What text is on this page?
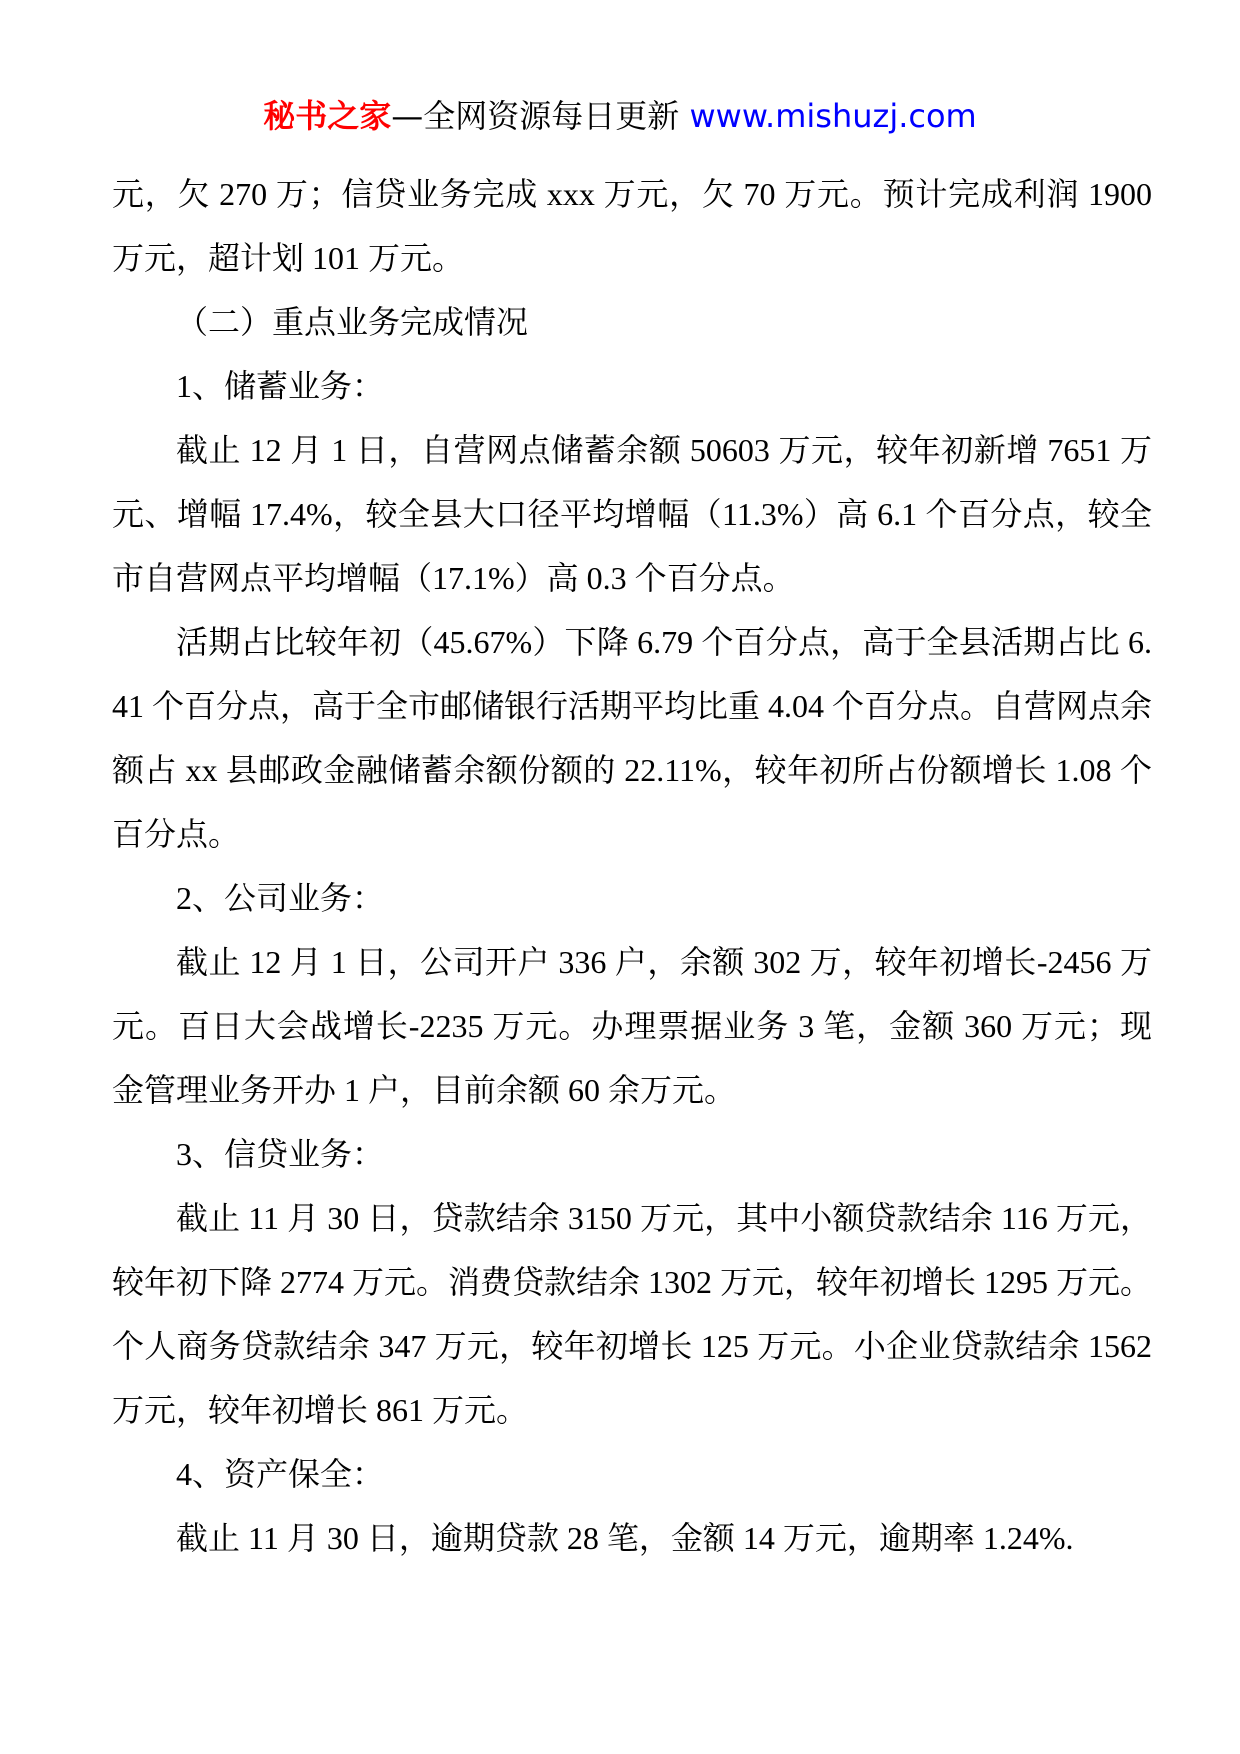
秘书之家—全网资源每日更新 www.mishuzj.com

元，欠 270 万；信贷业务完成 xxx 万元，欠 70 万元。预计完成利润 1900 万元，超计划 101 万元。

（二）重点业务完成情况

1、储蓄业务：

截止 12 月 1 日，自营网点储蓄余额 50603 万元，较年初新增 7651 万元、增幅 17.4%，较全县大口径平均增幅（11.3%）高 6.1 个百分点，较全市自营网点平均增幅（17.1%）高 0.3 个百分点。

活期占比较年初（45.67%）下降 6.79 个百分点，高于全县活期占比 6.41 个百分点，高于全市邮储银行活期平均比重 4.04 个百分点。自营网点余额占 xx 县邮政金融储蓄余额份额的 22.11%，较年初所占份额增长 1.08 个百分点。

2、公司业务：

截止 12 月 1 日，公司开户 336 户，余额 302 万，较年初增长-2456 万元。百日大会战增长-2235 万元。办理票据业务 3 笔，金额 360 万元；现金管理业务开办 1 户，目前余额 60 余万元。

3、信贷业务：

截止 11 月 30 日，贷款结余 3150 万元，其中小额贷款结余 116 万元，较年初下降 2774 万元。消费贷款结余 1302 万元，较年初增长 1295 万元。个人商务贷款结余 347 万元，较年初增长 125 万元。小企业贷款结余 1562 万元，较年初增长 861 万元。

4、资产保全：

截止 11 月 30 日，逾期贷款 28 笔，金额 14 万元，逾期率 1.24%.
